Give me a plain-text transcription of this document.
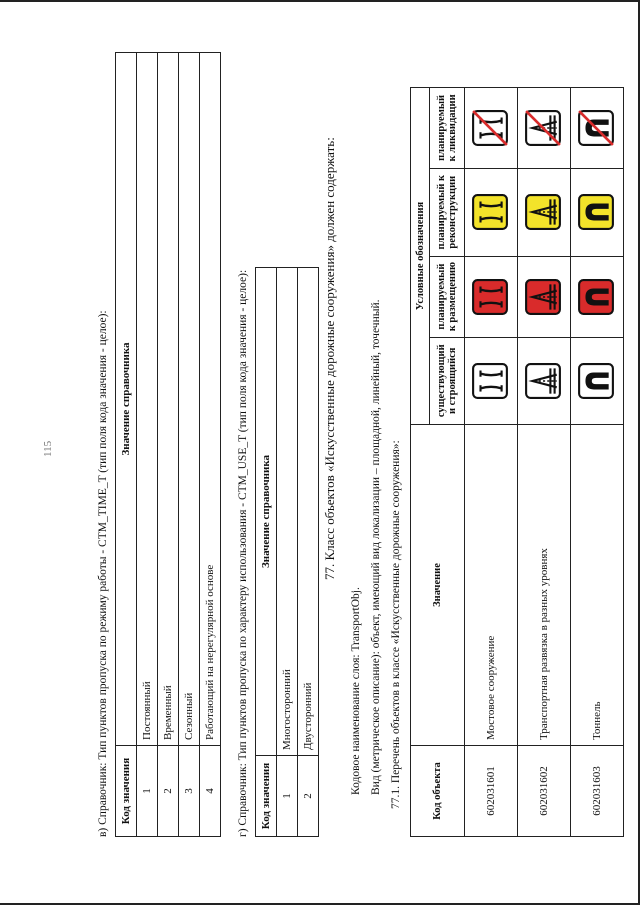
115	в) Справочник: Тип пунктов пропуска по режиму работы - CTM_TIME_T (тип поля кода значения - целое): Код значения	Значение справочника
1	Постоянный
2	Временный
3	Сезонный
4	Работающий на нерегулярной основе г) Справочник: Тип пунктов пропуска по характеру использования - CTM_USE_T (тип поля кода значения - целое): Код значения	Значение справочника
1	Многосторонний
2	Двусторонний
77. Класс объектов «Искусственные дорожные сооружения» должен содержать:
Кодовое наименование слоя: TransportObj. Вид (метрическое описание): объект, имеющий вид локализации – площадной, линейный, точечный. 77.1. Перечень объектов в классе «Искусственные дорожные сооружения»:	Код объекта	Значение	Условные обозначения			
		существующий и строящийся	планируемый к размещению	планируемый к реконструкции	планируемый к ликвидации
602031601	Мостовое сооружение				
602031602	Транспортная развязка в разных уровнях				
602031603	Тоннель				
